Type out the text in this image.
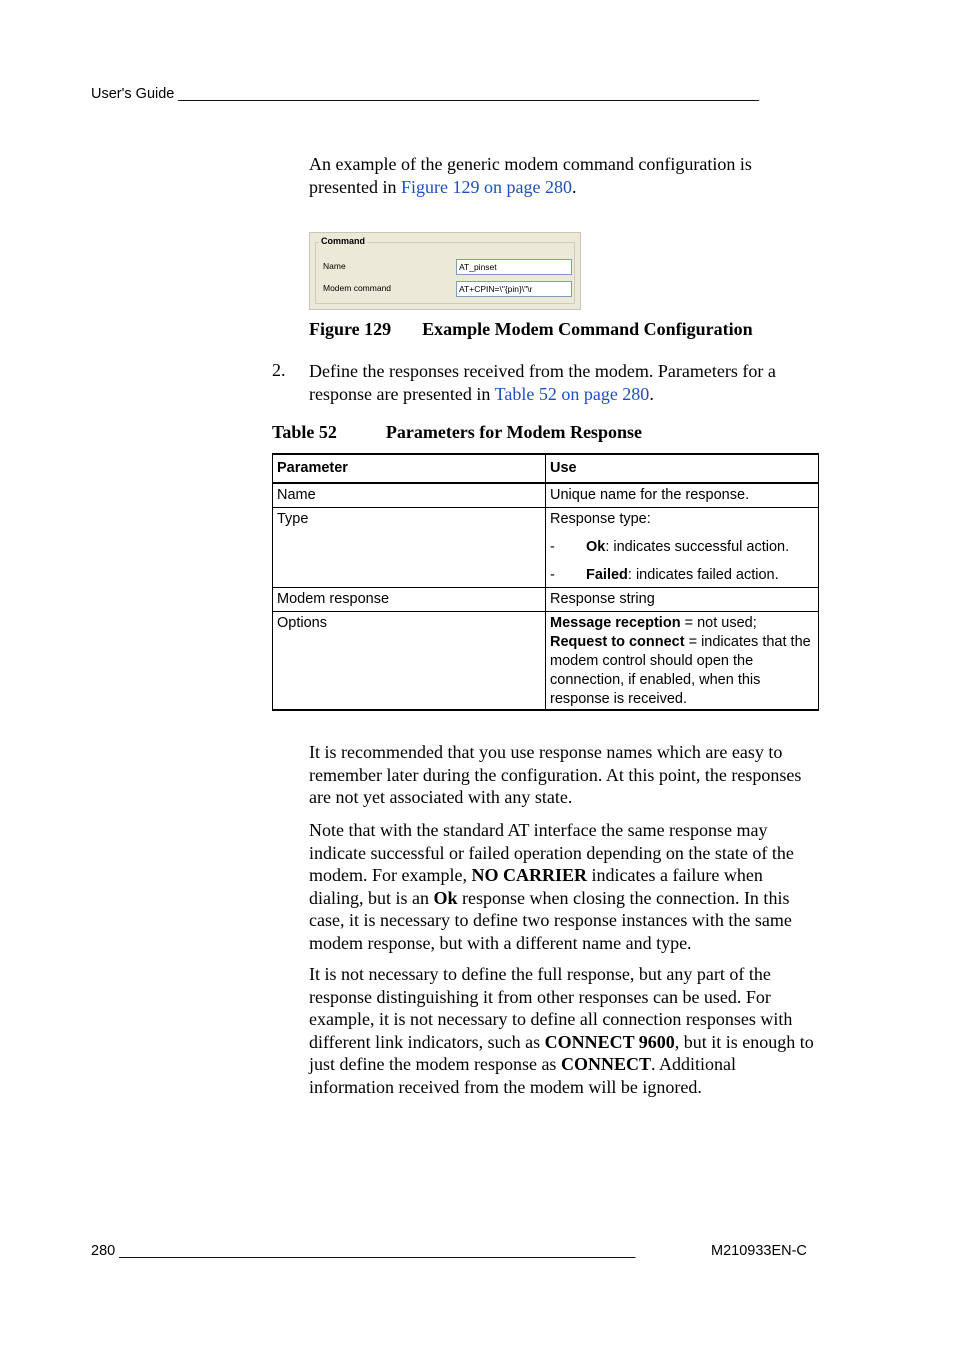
User's Guide ________________________________________________________________________

An example of the generic modem command configuration is presented in Figure 129 on page 280.

Name	AT_pinset
Modem command	AT+CPIN=\"{pin}\"\r
Command
Figure 129 Example Modem Command Configuration
2. Define the responses received from the modem. Parameters for a response are presented in Table 52 on page 280.

Table 52	Parameters for Modem Response
Parameter	Use
Name	Unique name for the response.
Type	Response type:
- Ok: indicates successful action.
- Failed: indicates failed action.

Modem response	Response string
Options	Message reception = not used;
Request to connect = indicates that the modem control should open the connection, if enabled, when this response is received.

It is recommended that you use response names which are easy to remember later during the configuration. At this point, the responses are not yet associated with any state.

Note that with the standard AT interface the same response may indicate successful or failed operation depending on the state of the modem. For example, NO CARRIER indicates a failure when dialing, but is an Ok response when closing the connection. In this case, it is necessary to define two response instances with the same modem response, but with a different name and type.

It is not necessary to define the full response, but any part of the response distinguishing it from other responses can be used. For example, it is not necessary to define all connection responses with different link indicators, such as CONNECT 9600, but it is enough to just define the modem response as CONNECT. Additional information received from the modem will be ignored.

280 ________________________________________________________________	M210933EN-C
